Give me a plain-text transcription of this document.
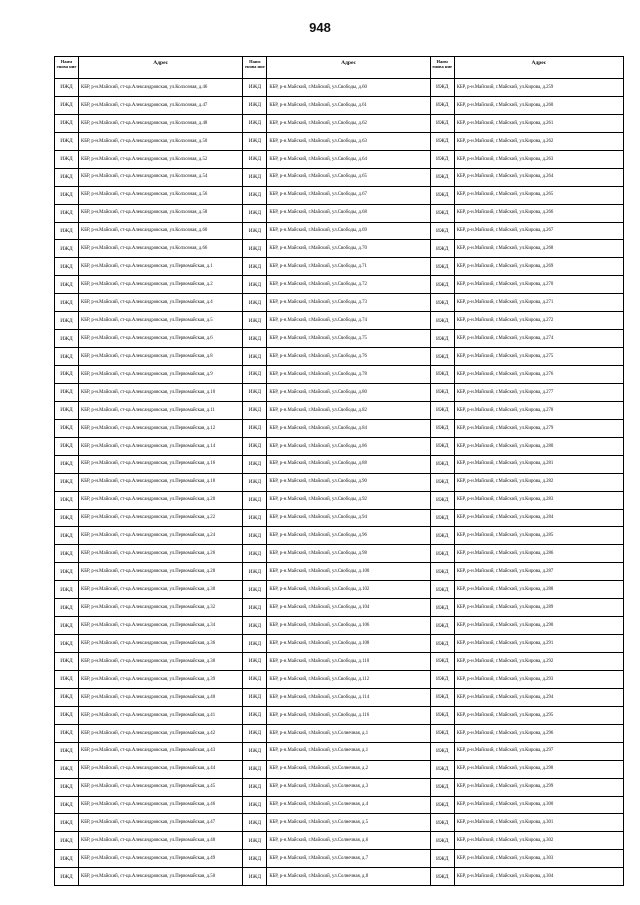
948
Наим енова ние
Адрес
ИЖД	КБР, р-н.Майский, ст-ца.Александровская, ул.Колхозная, д.46
ИЖД	КБР, р-н.Майский, ст-ца.Александровская, ул.Колхозная, д.47
ИЖД	КБР, р-н.Майский, ст-ца.Александровская, ул.Колхозная, д.48
ИЖД	КБР, р-н.Майский, ст-ца.Александровская, ул.Колхозная, д.50
ИЖД	КБР, р-н.Майский, ст-ца.Александровская, ул.Колхозная, д.52
ИЖД	КБР, р-н.Майский, ст-ца.Александровская, ул.Колхозная, д.54
ИЖД	КБР, р-н.Майский, ст-ца.Александровская, ул.Колхозная, д.56
ИЖД	КБР, р-н.Майский, ст-ца.Александровская, ул.Колхозная, д.58
ИЖД	КБР, р-н.Майский, ст-ца.Александровская, ул.Колхозная, д.60
ИЖД	КБР, р-н.Майский, ст-ца.Александровская, ул.Колхозная, д.66
ИЖД	КБР, р-н.Майский, ст-ца.Александровская, ул.Первомайская, д.1
ИЖД	КБР, р-н.Майский, ст-ца.Александровская, ул.Первомайская, д.2
ИЖД	КБР, р-н.Майский, ст-ца.Александровская, ул.Первомайская, д.4
ИЖД	КБР, р-н.Майский, ст-ца.Александровская, ул.Первомайская, д.5
ИЖД	КБР, р-н.Майский, ст-ца.Александровская, ул.Первомайская, д.6
ИЖД	КБР, р-н.Майский, ст-ца.Александровская, ул.Первомайская, д.8
ИЖД	КБР, р-н.Майский, ст-ца.Александровская, ул.Первомайская, д.9
ИЖД	КБР, р-н.Майский, ст-ца.Александровская, ул.Первомайская, д.10
ИЖД	КБР, р-н.Майский, ст-ца.Александровская, ул.Первомайская, д.11
ИЖД	КБР, р-н.Майский, ст-ца.Александровская, ул.Первомайская, д.12
ИЖД	КБР, р-н.Майский, ст-ца.Александровская, ул.Первомайская, д.14
ИЖД	КБР, р-н.Майский, ст-ца.Александровская, ул.Первомайская, д.16
ИЖД	КБР, р-н.Майский, ст-ца.Александровская, ул.Первомайская, д.18
ИЖД	КБР, р-н.Майский, ст-ца.Александровская, ул.Первомайская, д.20
ИЖД	КБР, р-н.Майский, ст-ца.Александровская, ул.Первомайская, д.22
ИЖД	КБР, р-н.Майский, ст-ца.Александровская, ул.Первомайская, д.24
ИЖД	КБР, р-н.Майский, ст-ца.Александровская, ул.Первомайская, д.26
ИЖД	КБР, р-н.Майский, ст-ца.Александровская, ул.Первомайская, д.28
ИЖД	КБР, р-н.Майский, ст-ца.Александровская, ул.Первомайская, д.30
ИЖД	КБР, р-н.Майский, ст-ца.Александровская, ул.Первомайская, д.32
ИЖД	КБР, р-н.Майский, ст-ца.Александровская, ул.Первомайская, д.34
ИЖД	КБР, р-н.Майский, ст-ца.Александровская, ул.Первомайская, д.36
ИЖД	КБР, р-н.Майский, ст-ца.Александровская, ул.Первомайская, д.38
ИЖД	КБР, р-н.Майский, ст-ца.Александровская, ул.Первомайская, д.39
ИЖД	КБР, р-н.Майский, ст-ца.Александровская, ул.Первомайская, д.40
ИЖД	КБР, р-н.Майский, ст-ца.Александровская, ул.Первомайская, д.41
ИЖД	КБР, р-н.Майский, ст-ца.Александровская, ул.Первомайская, д.42
ИЖД	КБР, р-н.Майский, ст-ца.Александровская, ул.Первомайская, д.43
ИЖД	КБР, р-н.Майский, ст-ца.Александровская, ул.Первомайская, д.44
ИЖД	КБР, р-н.Майский, ст-ца.Александровская, ул.Первомайская, д.45
ИЖД	КБР, р-н.Майский, ст-ца.Александровская, ул.Первомайская, д.46
ИЖД	КБР, р-н.Майский, ст-ца.Александровская, ул.Первомайская, д.47
ИЖД	КБР, р-н.Майский, ст-ца.Александровская, ул.Первомайская, д.48
ИЖД	КБР, р-н.Майский, ст-ца.Александровская, ул.Первомайская, д.49
ИЖД	КБР, р-н.Майский, ст-ца.Александровская, ул.Первомайская, д.50
Наим енова ние
Адрес
ИЖД	КБР, р-н.Майский, г.Майский, ул.Свободы, д.60
ИЖД	КБР, р-н.Майский, г.Майский, ул.Свободы, д.61
ИЖД	КБР, р-н.Майский, г.Майский, ул.Свободы, д.62
ИЖД	КБР, р-н.Майский, г.Майский, ул.Свободы, д.63
ИЖД	КБР, р-н.Майский, г.Майский, ул.Свободы, д.64
ИЖД	КБР, р-н.Майский, г.Майский, ул.Свободы, д.65
ИЖД	КБР, р-н.Майский, г.Майский, ул.Свободы, д.67
ИЖД	КБР, р-н.Майский, г.Майский, ул.Свободы, д.68
ИЖД	КБР, р-н.Майский, г.Майский, ул.Свободы, д.69
ИЖД	КБР, р-н.Майский, г.Майский, ул.Свободы, д.70
ИЖД	КБР, р-н.Майский, г.Майский, ул.Свободы, д.71
ИЖД	КБР, р-н.Майский, г.Майский, ул.Свободы, д.72
ИЖД	КБР, р-н.Майский, г.Майский, ул.Свободы, д.73
ИЖД	КБР, р-н.Майский, г.Майский, ул.Свободы, д.74
ИЖД	КБР, р-н.Майский, г.Майский, ул.Свободы, д.75
ИЖД	КБР, р-н.Майский, г.Майский, ул.Свободы, д.76
ИЖД	КБР, р-н.Майский, г.Майский, ул.Свободы, д.78
ИЖД	КБР, р-н.Майский, г.Майский, ул.Свободы, д.80
ИЖД	КБР, р-н.Майский, г.Майский, ул.Свободы, д.82
ИЖД	КБР, р-н.Майский, г.Майский, ул.Свободы, д.84
ИЖД	КБР, р-н.Майский, г.Майский, ул.Свободы, д.86
ИЖД	КБР, р-н.Майский, г.Майский, ул.Свободы, д.88
ИЖД	КБР, р-н.Майский, г.Майский, ул.Свободы, д.90
ИЖД	КБР, р-н.Майский, г.Майский, ул.Свободы, д.92
ИЖД	КБР, р-н.Майский, г.Майский, ул.Свободы, д.94
ИЖД	КБР, р-н.Майский, г.Майский, ул.Свободы, д.96
ИЖД	КБР, р-н.Майский, г.Майский, ул.Свободы, д.98
ИЖД	КБР, р-н.Майский, г.Майский, ул.Свободы, д.100
ИЖД	КБР, р-н.Майский, г.Майский, ул.Свободы, д.102
ИЖД	КБР, р-н.Майский, г.Майский, ул.Свободы, д.104
ИЖД	КБР, р-н.Майский, г.Майский, ул.Свободы, д.106
ИЖД	КБР, р-н.Майский, г.Майский, ул.Свободы, д.108
ИЖД	КБР, р-н.Майский, г.Майский, ул.Свободы, д.110
ИЖД	КБР, р-н.Майский, г.Майский, ул.Свободы, д.112
ИЖД	КБР, р-н.Майский, г.Майский, ул.Свободы, д.114
ИЖД	КБР, р-н.Майский, г.Майский, ул.Свободы, д.116
ИЖД	КБР, р-н.Майский, г.Майский, ул.Солнечная, д.1
ИЖД	КБР, р-н.Майский, г.Майский, ул.Солнечная, д.1
ИЖД	КБР, р-н.Майский, г.Майский, ул.Солнечная, д.2
ИЖД	КБР, р-н.Майский, г.Майский, ул.Солнечная, д.3
ИЖД	КБР, р-н.Майский, г.Майский, ул.Солнечная, д.4
ИЖД	КБР, р-н.Майский, г.Майский, ул.Солнечная, д.5
ИЖД	КБР, р-н.Майский, г.Майский, ул.Солнечная, д.6
ИЖД	КБР, р-н.Майский, г.Майский, ул.Солнечная, д.7
ИЖД	КБР, р-н.Майский, г.Майский, ул.Солнечная, д.8
Наим енова ние
Адрес
ИЖД	КБР, р-н.Майский, г.Майский, ул.Кирова, д.259
ИЖД	КБР, р-н.Майский, г.Майский, ул.Кирова, д.260
ИЖД	КБР, р-н.Майский, г.Майский, ул.Кирова, д.261
ИЖД	КБР, р-н.Майский, г.Майский, ул.Кирова, д.262
ИЖД	КБР, р-н.Майский, г.Майский, ул.Кирова, д.263
ИЖД	КБР, р-н.Майский, г.Майский, ул.Кирова, д.264
ИЖД	КБР, р-н.Майский, г.Майский, ул.Кирова, д.265
ИЖД	КБР, р-н.Майский, г.Майский, ул.Кирова, д.266
ИЖД	КБР, р-н.Майский, г.Майский, ул.Кирова, д.267
ИЖД	КБР, р-н.Майский, г.Майский, ул.Кирова, д.268
ИЖД	КБР, р-н.Майский, г.Майский, ул.Кирова, д.269
ИЖД	КБР, р-н.Майский, г.Майский, ул.Кирова, д.270
ИЖД	КБР, р-н.Майский, г.Майский, ул.Кирова, д.271
ИЖД	КБР, р-н.Майский, г.Майский, ул.Кирова, д.272
ИЖД	КБР, р-н.Майский, г.Майский, ул.Кирова, д.274
ИЖД	КБР, р-н.Майский, г.Майский, ул.Кирова, д.275
ИЖД	КБР, р-н.Майский, г.Майский, ул.Кирова, д.276
ИЖД	КБР, р-н.Майский, г.Майский, ул.Кирова, д.277
ИЖД	КБР, р-н.Майский, г.Майский, ул.Кирова, д.278
ИЖД	КБР, р-н.Майский, г.Майский, ул.Кирова, д.279
ИЖД	КБР, р-н.Майский, г.Майский, ул.Кирова, д.280
ИЖД	КБР, р-н.Майский, г.Майский, ул.Кирова, д.281
ИЖД	КБР, р-н.Майский, г.Майский, ул.Кирова, д.282
ИЖД	КБР, р-н.Майский, г.Майский, ул.Кирова, д.283
ИЖД	КБР, р-н.Майский, г.Майский, ул.Кирова, д.284
ИЖД	КБР, р-н.Майский, г.Майский, ул.Кирова, д.285
ИЖД	КБР, р-н.Майский, г.Майский, ул.Кирова, д.286
ИЖД	КБР, р-н.Майский, г.Майский, ул.Кирова, д.287
ИЖД	КБР, р-н.Майский, г.Майский, ул.Кирова, д.288
ИЖД	КБР, р-н.Майский, г.Майский, ул.Кирова, д.289
ИЖД	КБР, р-н.Майский, г.Майский, ул.Кирова, д.290
ИЖД	КБР, р-н.Майский, г.Майский, ул.Кирова, д.291
ИЖД	КБР, р-н.Майский, г.Майский, ул.Кирова, д.292
ИЖД	КБР, р-н.Майский, г.Майский, ул.Кирова, д.293
ИЖД	КБР, р-н.Майский, г.Майский, ул.Кирова, д.294
ИЖД	КБР, р-н.Майский, г.Майский, ул.Кирова, д.295
ИЖД	КБР, р-н.Майский, г.Майский, ул.Кирова, д.296
ИЖД	КБР, р-н.Майский, г.Майский, ул.Кирова, д.297
ИЖД	КБР, р-н.Майский, г.Майский, ул.Кирова, д.298
ИЖД	КБР, р-н.Майский, г.Майский, ул.Кирова, д.299
ИЖД	КБР, р-н.Майский, г.Майский, ул.Кирова, д.300
ИЖД	КБР, р-н.Майский, г.Майский, ул.Кирова, д.301
ИЖД	КБР, р-н.Майский, г.Майский, ул.Кирова, д.302
ИЖД	КБР, р-н.Майский, г.Майский, ул.Кирова, д.303
ИЖД	КБР, р-н.Майский, г.Майский, ул.Кирова, д.304
